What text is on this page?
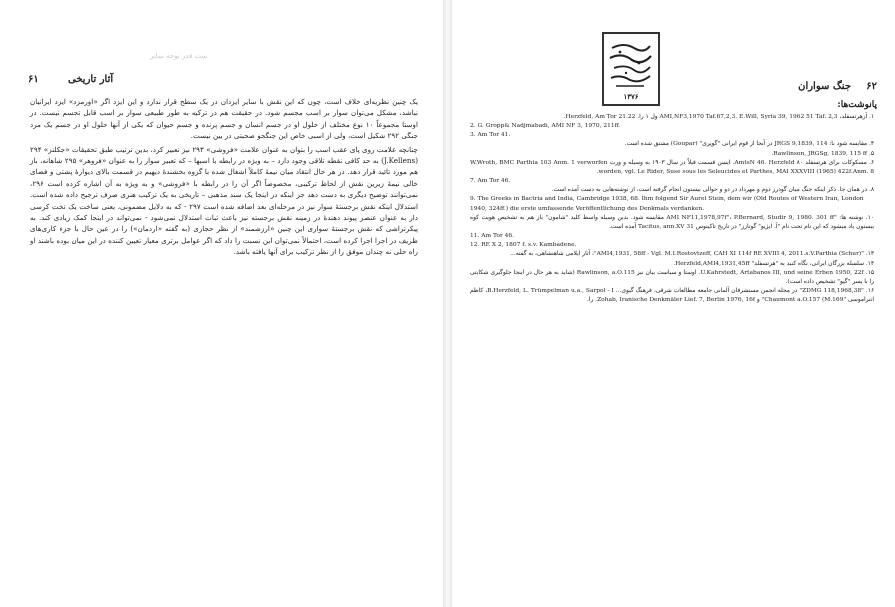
ست قدر توجه سایر
۶۱	آثار تاریخی

یک چنین نظریه‌ای خلاف است، چون که این نقش با سایر ایزدان در یک سطح قرار ندارد و این ایزد اگر «اورمزد» ایزد ایرانیان نباشد، مشکل می‌توان سوار بر اسب مجسم شود. در حقیقت هم در ترکیه به طور طبیعی سوار بر اسب قابل تجسم نیست. در اوستا مجموعاً ۱۰ نوع مختلف از حلول او در جسم انسان و جسم پرنده و جسم حیوان که یکی از آنها حلول او در جسم یک مرد جنگی ۲۹۲ شکیل است، ولی از اسبی خاص این جنگجو صحبتی در بین نیست.

چنانچه علامت روی پای عقب اسب را بتوان به عنوان علامت «فروشی» ۲۹۳ نیز تعبیر کرد، بدین ترتیب طبق تحقیقات «جکلنز» ۲۹۴ (J.Kellens) به حد کافی نقطه تلاقی وجود دارد – به ویژه در رابطه با اسبها – که تعبیر سوار را به عنوان «فروهر» ۲۹۵ شاهانه، باز هم مورد تائید قرار دهد. در هر حال انتقاد میان نیمهٔ کاملاً اشغال شده با گروه بخشندهٔ دیهیم در قسمت بالای دیوارهٔ پشتی و فضای خالی نیمهٔ زیرین نقش از لحاظ ترکیبی، مخصوصاً اگر آن را در رابطه با «فروشی» و به ویژه به آن اشاره کرده است ۲۹۶، نمی‌توانند توضیح دیگری به دست دهد جز اینکه در اینجا یک سند مذهبی – تاریخی به یک ترکیب هنری صرف ترجیح داده شده است. استدلال اینکه نقش برجستهٔ سوار نیز در مرحله‌ای بعد اضافه شده است ۲۹۷ - که به دلایل مضمونی، یعنی ساخت یک تخت کرسی دار به عنوان عنصر پیوند دهندهٔ در زمینه نقش برجسته نیز باعث ثبات استدلال نمی‌شود - نمی‌تواند در اینجا کمک زیادی کند. به پیکرتراشی که نقش برجستهٔ سواری این چنین «ارزشمند» از نظر حجاری (به گفته «اردمان») را در عین حال با جزء کاری‌های ظریف در اجرا اجرا کرده است، احتمالاً نمی‌توان این نسبت را داد که اگر عوامل برتری معیار تعیین کننده در این میان بوده باشند او راه حلی نه چندان موفق را از نظر ترکیب برای آنها یافته باشد.

۱۳۷۶
۶۲
جنگ سواران
پانوشت‌ها:

۱. آرهرتسفلد، AMI,NF3,1970 Taf.67,2,3. E.Will, Syria 39, 1962 51 Taf. 2,3 ول ۱ را. Herzfeld, Am Tor 21.22.

2. G. Gropp& Nadjmabadi, AMI NF 3, 1970, 211ff.

3. Am Tor 41.

۴. مقایسه شود با: JRGS 9,1839, 114 در آنجا از قوم ایرانی "گوپری" (Goupar) مشتق شده است.

۵. Rawlinson, JRGSg, 1839, 115 ff.

۶. مسکوکات برای هرتسفلد ۸۰ AmtsN 46. Herzfeld. ایسن قسمت قبلاً در سال ۱۹۰۳ به وسیله و ورث W.Wroth, BMC Parthia 103 Anm. 1 verworfen worden, vgl. Le Rider, Suse sous les Seleucides et Parthes, MAI XXXVIII (1965) 422f.Anm. 8.

7. Am Tor 46.

۸. در همان جا. ذکر اینکه جنگ میان گودرز دوم و مهرداد در دو و حوالی بیستون انجام گرفته است، از نوشته‌هایی به دست آمده است.

9. The Greeks in Bactria and India, Cambridge 1938, 68. Ihm folgend Sir Aurel Stein, dem wir (Old Routes of Western Iran, London 1940, 324ff.) die erste umfassende Veröffentlichung des Denkmals verdanken.

۱۰. نوشته ها: "AMI NF11,1978,97f"، P.Bernard, Studir 9, 1980. 301 ff مقایسه شود. بدین وسیله واسط کلید "شامون" باز هم به تشخیص هویت کوه بیستون یاد میشود که این نام تحت نام "آ. ایژیو" گوتارز" در تاریخ تاکیتوس Tacitus, ann.XV 31 آمده است.

11. Am Tor 46.

12. RE X 2, 1807 f. s.v. Kambadene.

۱۳. "AMI4,1931, 58ff - Vgl. M.I.Rostovtzeff, CAH XI 114f RE XVIII 4, 2011.s.V.Parthia (Schur)"، آثار ایلامی شاهنشاهی، به گفته...

۱۴. سلسله بزرگان ایرانی، نگاه کنید به "هرتسفلد" Herzfeld,AMI4,1931,45ff.

۱۵. U.Kahrstedt, Artabanos III, und seine Erben 1950, 22f. اوستا و سیاست بیان نیز Rawlinson, a.O.115 (شاید به هر حال در اینجا جلوگیری شکایتی را با پسر "گیو" تشخیص داده است).

۱۶. "ZDMG 118,1968,38" در مجله انجمن مستشرقان آلمانی جامعه مطالعات شرقی، فرهنگ گیوی... B.Herzfeld, L. Trümpelman u.a., Sarpol - I، کاظم انتراموسی "Chaumont a.O.157 (M.169" و Zohab, Iranische Denkmäler Lief. 7, Berlin 1976, 16f. را.
